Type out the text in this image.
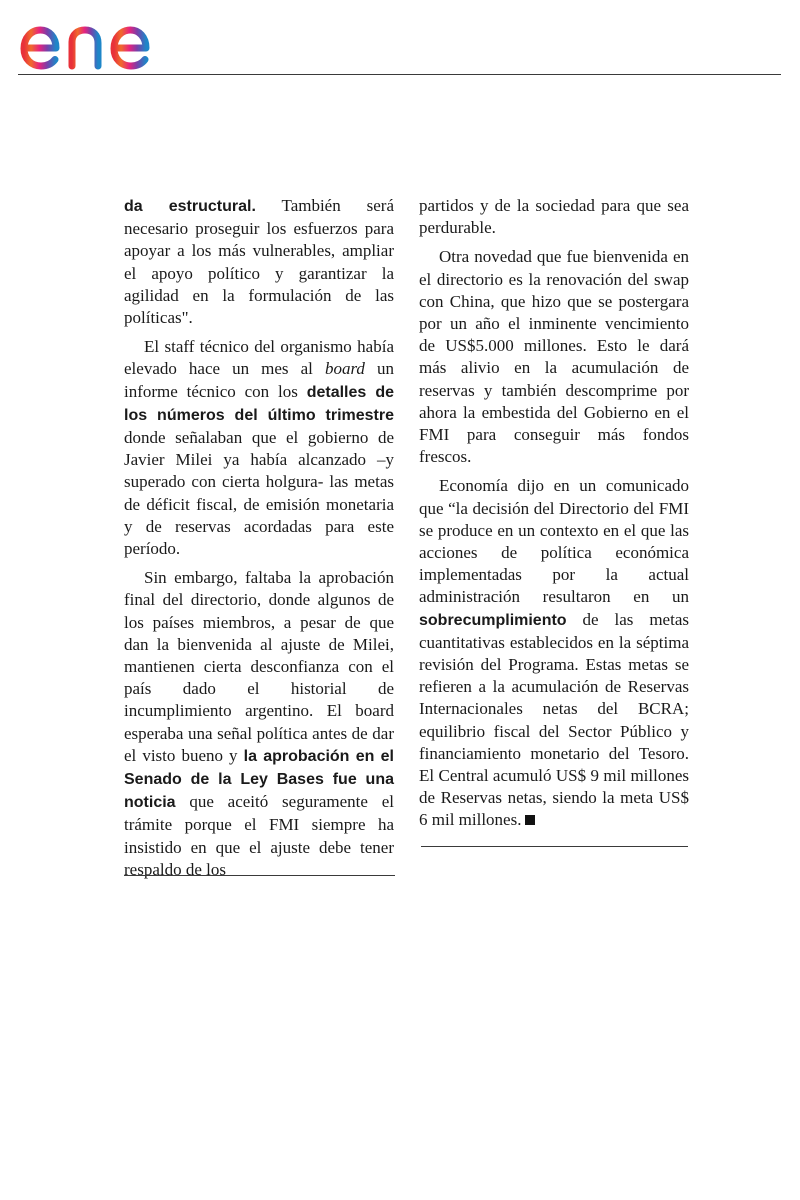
da estructural. También será necesario proseguir los esfuerzos para apoyar a los más vulnerables, ampliar el apoyo político y garantizar la agilidad en la formulación de las políticas".

El staff técnico del organismo había elevado hace un mes al board un informe técnico con los detalles de los números del último trimestre donde señalaban que el gobierno de Javier Milei ya había alcanzado –y superado con cierta holgura- las metas de déficit fiscal, de emisión monetaria y de reservas acordadas para este período.

Sin embargo, faltaba la aprobación final del directorio, donde algunos de los países miembros, a pesar de que dan la bienvenida al ajuste de Milei, mantienen cierta desconfianza con el país dado el historial de incumplimiento argentino. El board esperaba una señal política antes de dar el visto bueno y la aprobación en el Senado de la Ley Bases fue una noticia que aceitó seguramente el trámite porque el FMI siempre ha insistido en que el ajuste debe tener respaldo de los

partidos y de la sociedad para que sea perdurable.

Otra novedad que fue bienvenida en el directorio es la renovación del swap con China, que hizo que se postergara por un año el inminente vencimiento de US$5.000 millones. Esto le dará más alivio en la acumulación de reservas y también descomprime por ahora la embestida del Gobierno en el FMI para conseguir más fondos frescos.

Economía dijo en un comunicado que “la decisión del Directorio del FMI se produce en un contexto en el que las acciones de política económica implementadas por la actual administración resultaron en un sobrecumplimiento de las metas cuantitativas establecidos en la séptima revisión del Programa. Estas metas se refieren a la acumulación de Reservas Internacionales netas del BCRA; equilibrio fiscal del Sector Público y financiamiento monetario del Tesoro. El Central acumuló US$ 9 mil millones de Reservas netas, siendo la meta US$ 6 mil millones.
